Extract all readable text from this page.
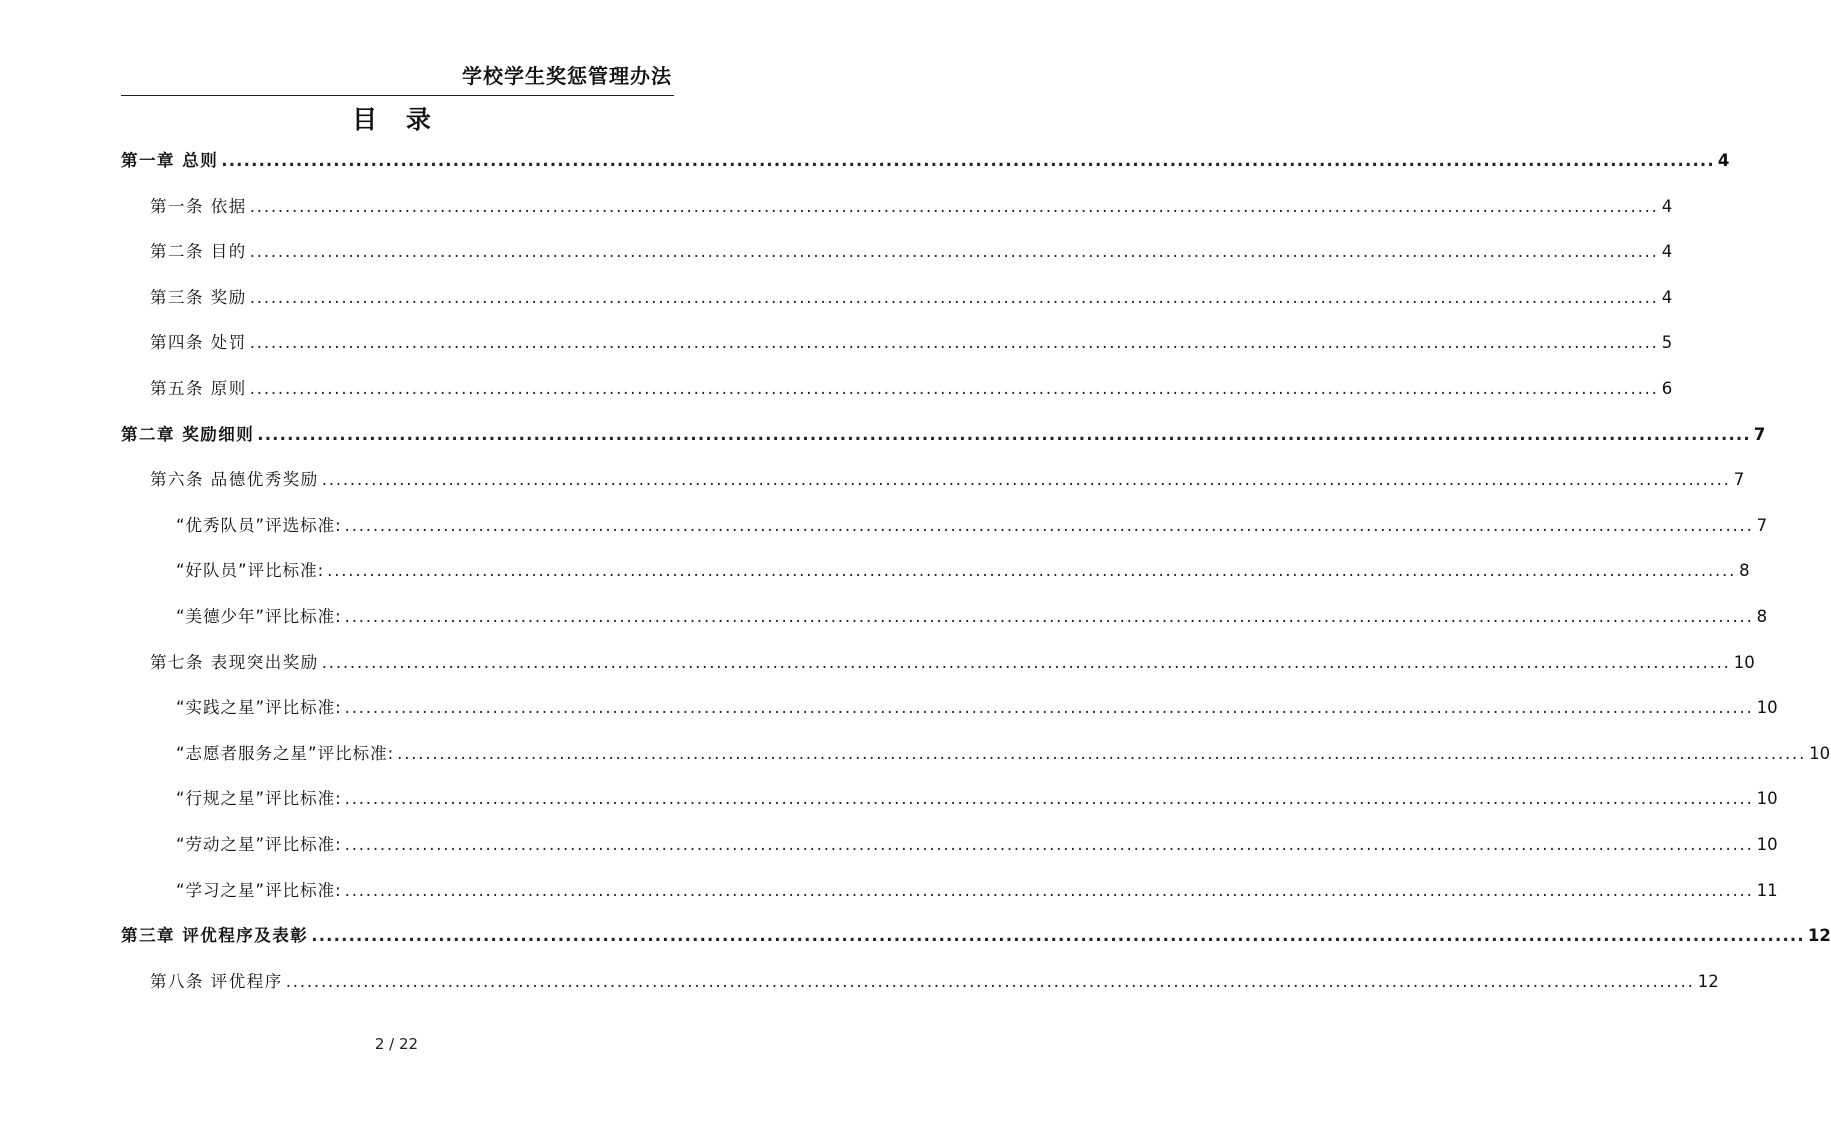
学校学生奖惩管理办法
目 录
第一章 总则 ........................................................................................................................................................................................................ 4
第一条 依据 ........................................................................................................................................................................................................ 4
第二条 目的 ........................................................................................................................................................................................................ 4
第三条 奖励 ........................................................................................................................................................................................................ 4
第四条 处罚 ........................................................................................................................................................................................................ 5
第五条 原则 ........................................................................................................................................................................................................ 6
第二章 奖励细则 ........................................................................................................................................................................................................ 7
第六条 品德优秀奖励 ........................................................................................................................................................................................................ 7
“优秀队员”评选标准: ........................................................................................................................................................................................................ 7
“好队员”评比标准: ........................................................................................................................................................................................................ 8
“美德少年”评比标准: ........................................................................................................................................................................................................ 8
第七条 表现突出奖励 ........................................................................................................................................................................................................ 10
“实践之星”评比标准: ........................................................................................................................................................................................................ 10
“志愿者服务之星”评比标准: ........................................................................................................................................................................................................ 10
“行规之星”评比标准: ........................................................................................................................................................................................................ 10
“劳动之星”评比标准: ........................................................................................................................................................................................................ 10
“学习之星”评比标准: ........................................................................................................................................................................................................ 11
第三章 评优程序及表彰 ........................................................................................................................................................................................................ 12
第八条 评优程序 ........................................................................................................................................................................................................ 12
2 / 22
